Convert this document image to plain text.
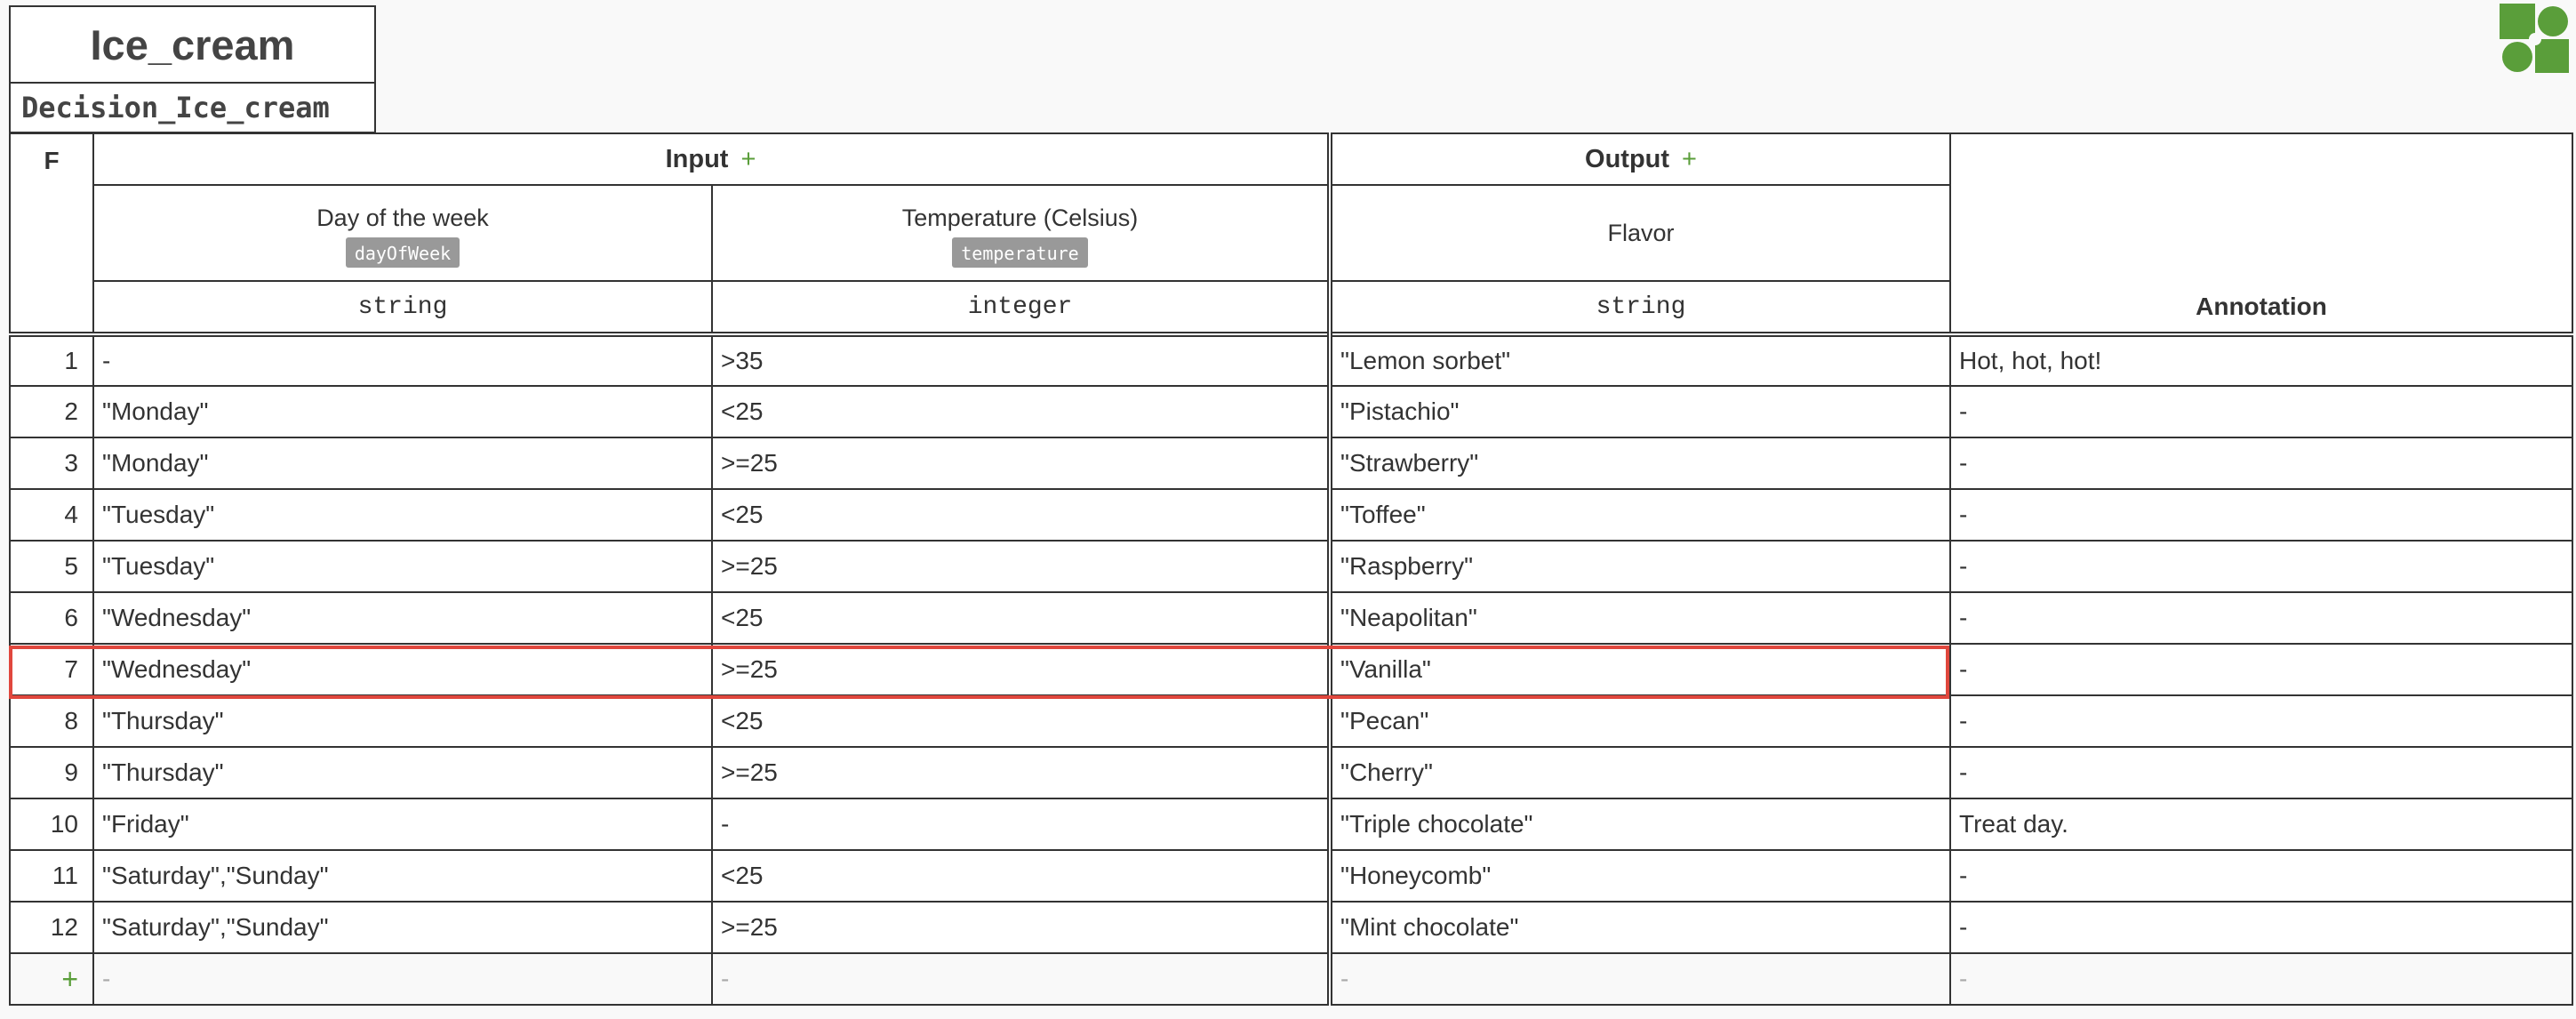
Ice_cream
Decision_Ice_cream
F	Input +		Output +	Annotation

	Day of the week
dayOfWeek	Temperature (Celsius)
temperature	Flavor	
	string	integer	string	
1	-	>35	"Lemon sorbet"	Hot, hot, hot!
2	"Monday"	<25	"Pistachio"	-
3	"Monday"	>=25	"Strawberry"	-
4	"Tuesday"	<25	"Toffee"	-
5	"Tuesday"	>=25	"Raspberry"	-
6	"Wednesday"	<25	"Neapolitan"	-
7	"Wednesday"	>=25	"Vanilla"	-
8	"Thursday"	<25	"Pecan"	-
9	"Thursday"	>=25	"Cherry"	-
10	"Friday"	-	"Triple chocolate"	Treat day.
11	"Saturday","Sunday"	<25	"Honeycomb"	-
12	"Saturday","Sunday"	>=25	"Mint chocolate"	-
+	-	-	-	-
